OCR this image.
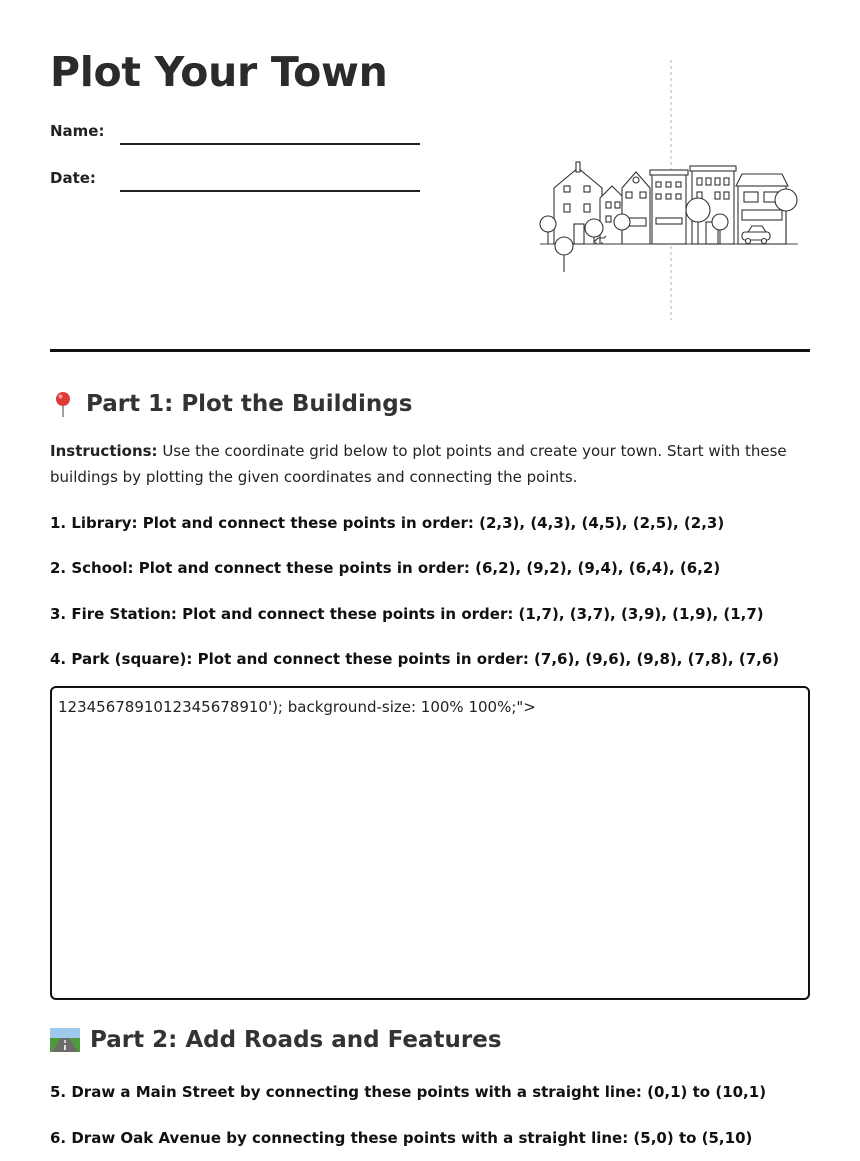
Plot Your Town
Name:
Date:
Part 1: Plot the Buildings
Instructions: Use the coordinate grid below to plot points and create your town. Start with these buildings by plotting the given coordinates and connecting the points.
1. Library: Plot and connect these points in order: (2,3), (4,3), (4,5), (2,5), (2,3)
2. School: Plot and connect these points in order: (6,2), (9,2), (9,4), (6,4), (6,2)
3. Fire Station: Plot and connect these points in order: (1,7), (3,7), (3,9), (1,9), (1,7)
4. Park (square): Plot and connect these points in order: (7,6), (9,6), (9,8), (7,8), (7,6)
12345678910123456789​10'); background-size: 100% 100%;">
Part 2: Add Roads and Features
5. Draw a Main Street by connecting these points with a straight line: (0,1) to (10,1)
6. Draw Oak Avenue by connecting these points with a straight line: (5,0) to (5,10)
